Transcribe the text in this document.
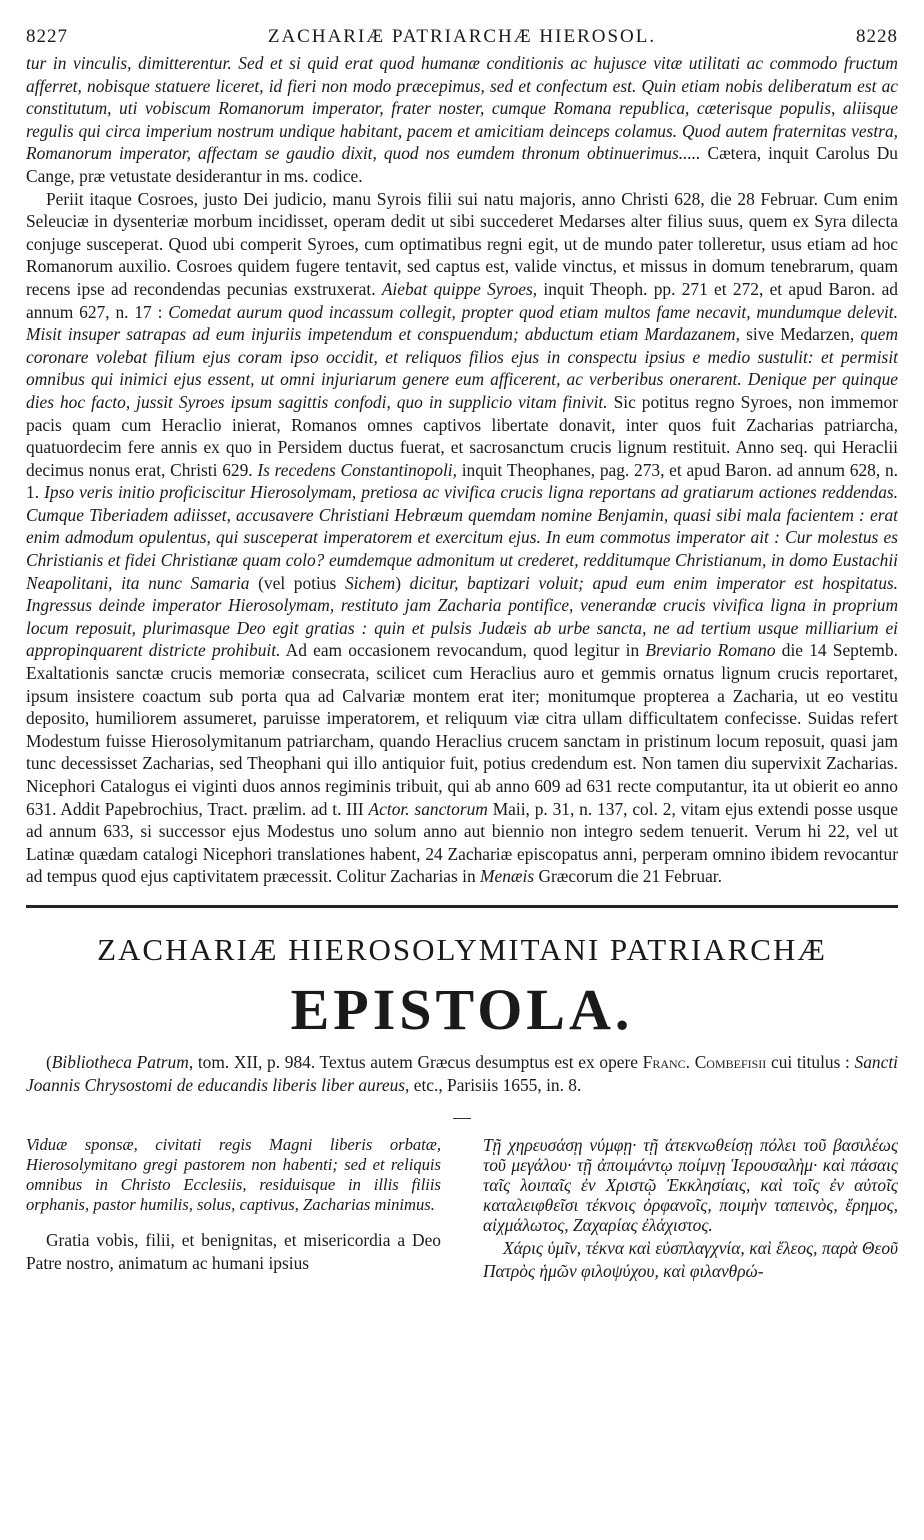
8227	ZACHARIÆ PATRIARCHÆ HIEROSOL.	8228

tur in vinculis, dimitterentur. Sed et si quid erat quod humanæ conditionis ac hujusce vitæ utilitati ac commodo fructum afferret, nobisque statuere liceret, id fieri non modo præcepimus, sed et confectum est. Quin etiam nobis deliberatum est ac constitutum, uti vobiscum Romanorum imperator, frater noster, cumque Romana republica, cæterisque populis, aliisque regulis qui circa imperium nostrum undique habitant, pacem et amicitiam deinceps colamus. Quod autem fraternitas vestra, Romanorum imperator, affectam se gaudio dixit, quod nos eumdem thronum obtinuerimus..... Cætera, inquit Carolus Du Cange, præ vetustate desiderantur in ms. codice.

Periit itaque Cosroes, justo Dei judicio, manu Syrois filii sui natu majoris, anno Christi 628, die 28 Februar. Cum enim Seleuciæ in dysenteriæ morbum incidisset, operam dedit ut sibi succederet Medarses alter filius suus, quem ex Syra dilecta conjuge susceperat. Quod ubi comperit Syroes, cum optimatibus regni egit, ut de mundo pater tolleretur, usus etiam ad hoc Romanorum auxilio. Cosroes quidem fugere tentavit, sed captus est, valide vinctus, et missus in domum tenebrarum, quam recens ipse ad recondendas pecunias exstruxerat. Aiebat quippe Syroes, inquit Theoph. pp. 271 et 272, et apud Baron. ad annum 627, n. 17 : Comedat aurum quod incassum collegit, propter quod etiam multos fame necavit, mundumque delevit. Misit insuper satrapas ad eum injuriis impetendum et conspuendum; abductum etiam Mardazanem, sive Medarzen, quem coronare volebat filium ejus coram ipso occidit, et reliquos filios ejus in conspectu ipsius e medio sustulit: et permisit omnibus qui inimici ejus essent, ut omni injuriarum genere eum afficerent, ac verberibus onerarent. Denique per quinque dies hoc facto, jussit Syroes ipsum sagittis confodi, quo in supplicio vitam finivit. Sic potitus regno Syroes, non immemor pacis quam cum Heraclio inierat, Romanos omnes captivos libertate donavit, inter quos fuit Zacharias patriarcha, quatuordecim fere annis ex quo in Persidem ductus fuerat, et sacrosanctum crucis lignum restituit. Anno seq. qui Heraclii decimus nonus erat, Christi 629. Is recedens Constantinopoli, inquit Theophanes, pag. 273, et apud Baron. ad annum 628, n. 1. Ipso veris initio proficiscitur Hierosolymam, pretiosa ac vivifica crucis ligna reportans ad gratiarum actiones reddendas. Cumque Tiberiadem adiisset, accusavere Christiani Hebræum quemdam nomine Benjamin, quasi sibi mala facientem : erat enim admodum opulentus, qui susceperat imperatorem et exercitum ejus. In eum commotus imperator ait : Cur molestus es Christianis et fidei Christianæ quam colo? eumdemque admonitum ut crederet, redditumque Christianum, in domo Eustachii Neapolitani, ita nunc Samaria (vel potius Sichem) dicitur, baptizari voluit; apud eum enim imperator est hospitatus. Ingressus deinde imperator Hierosolymam, restituto jam Zacharia pontifice, venerandæ crucis vivifica ligna in proprium locum reposuit, plurimasque Deo egit gratias : quin et pulsis Judæis ab urbe sancta, ne ad tertium usque milliarium ei appropinquarent districte prohibuit. Ad eam occasionem revocandum, quod legitur in Breviario Romano die 14 Septemb. Exaltationis sanctæ crucis memoriæ consecrata, scilicet cum Heraclius auro et gemmis ornatus lignum crucis reportaret, ipsum insistere coactum sub porta qua ad Calvariæ montem erat iter; monitumque propterea a Zacharia, ut eo vestitu deposito, humiliorem assumeret, paruisse imperatorem, et reliquum viæ citra ullam difficultatem confecisse. Suidas refert Modestum fuisse Hierosolymitanum patriarcham, quando Heraclius crucem sanctam in pristinum locum reposuit, quasi jam tunc decessisset Zacharias, sed Theophani qui illo antiquior fuit, potius credendum est. Non tamen diu supervixit Zacharias. Nicephori Catalogus ei viginti duos annos regiminis tribuit, qui ab anno 609 ad 631 recte computantur, ita ut obierit eo anno 631. Addit Papebrochius, Tract. prælim. ad t. III Actor. sanctorum Maii, p. 31, n. 137, col. 2, vitam ejus extendi posse usque ad annum 633, si successor ejus Modestus uno solum anno aut biennio non integro sedem tenuerit. Verum hi 22, vel ut Latinæ quædam catalogi Nicephori translationes habent, 24 Zachariæ episcopatus anni, perperam omnino ibidem revocantur ad tempus quod ejus captivitatem præcessit. Colitur Zacharias in Menæis Græcorum die 21 Februar.

ZACHARIÆ HIEROSOLYMITANI PATRIARCHÆ
EPISTOLA.
(Bibliotheca Patrum, tom. XII, p. 984. Textus autem Græcus desumptus est ex opere Franc. Combefisii cui titulus : Sancti Joannis Chrysostomi de educandis liberis liber aureus, etc., Parisiis 1655, in. 8.

Viduæ sponsæ, civitati regis Magni liberis orbatæ, Hierosolymitano gregi pastorem non habenti; sed et reliquis omnibus in Christo Ecclesiis, residuisque in illis filiis orphanis, pastor humilis, solus, captivus, Zacharias minimus.

Gratia vobis, filii, et benignitas, et misericordia a Deo Patre nostro, animatum ac humani ipsius

Τῇ χηρευσάσῃ νύμφῃ· τῇ ἀτεκνωθείσῃ πόλει τοῦ βασιλέως τοῦ μεγάλου· τῇ ἀποιμάντῳ ποίμνῃ Ἱερουσαλὴμ· καὶ πάσαις ταῖς λοιπαῖς ἐν Χριστῷ Ἐκκλησίαις, καὶ τοῖς ἐν αὐτοῖς καταλειφθεῖσι τέκνοις ὀρφανοῖς, ποιμὴν ταπεινὸς, ἔρημος, αἰχμάλωτος, Ζαχαρίας ἐλάχιστος.

Χάρις ὑμῖν, τέκνα καὶ εὐσπλαγχνία, καὶ ἔλεος, παρὰ Θεοῦ Πατρὸς ἡμῶν φιλοψύχου, καὶ φιλανθρώ-
